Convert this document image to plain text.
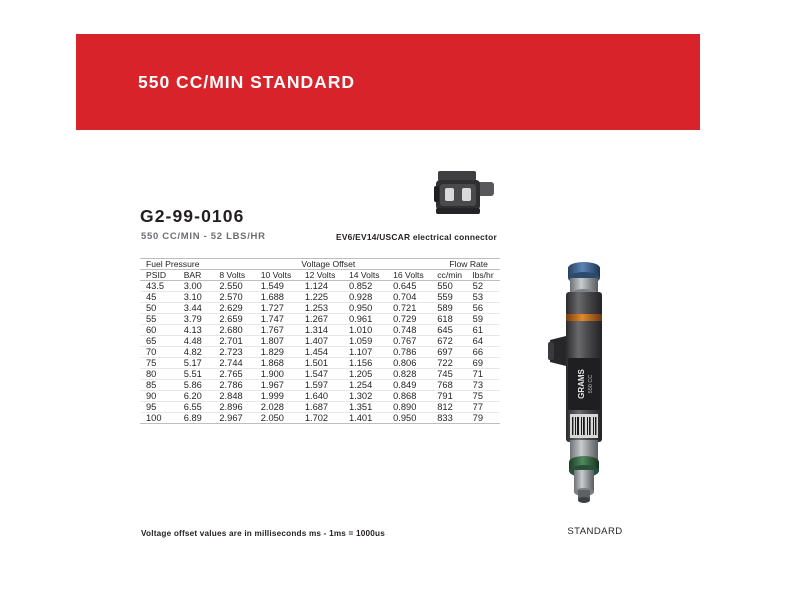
550 CC/MIN STANDARD
G2-99-0106
550 CC/MIN - 52 LBS/HR	EV6/EV14/USCAR electrical connector
Fuel Pressure		Voltage Offset					Flow Rate	
PSID	BAR	8 Volts	10 Volts	12 Volts	14 Volts	16 Volts	cc/min	lbs/hr
43.5	3.00	2.550	1.549	1.124	0.852	0.645	550	52
45	3.10	2.570	1.688	1.225	0.928	0.704	559	53
50	3.44	2.629	1.727	1.253	0.950	0.721	589	56
55	3.79	2.659	1.747	1.267	0.961	0.729	618	59
60	4.13	2.680	1.767	1.314	1.010	0.748	645	61
65	4.48	2.701	1.807	1.407	1.059	0.767	672	64
70	4.82	2.723	1.829	1.454	1.107	0.786	697	66
75	5.17	2.744	1.868	1.501	1.156	0.806	722	69
80	5.51	2.765	1.900	1.547	1.205	0.828	745	71
85	5.86	2.786	1.967	1.597	1.254	0.849	768	73
90	6.20	2.848	1.999	1.640	1.302	0.868	791	75
95	6.55	2.896	2.028	1.687	1.351	0.890	812	77
100	6.89	2.967	2.050	1.702	1.401	0.950	833	79
Voltage offset values are in milliseconds ms - 1ms = 1000us
GRAMS 550 CC
STANDARD
